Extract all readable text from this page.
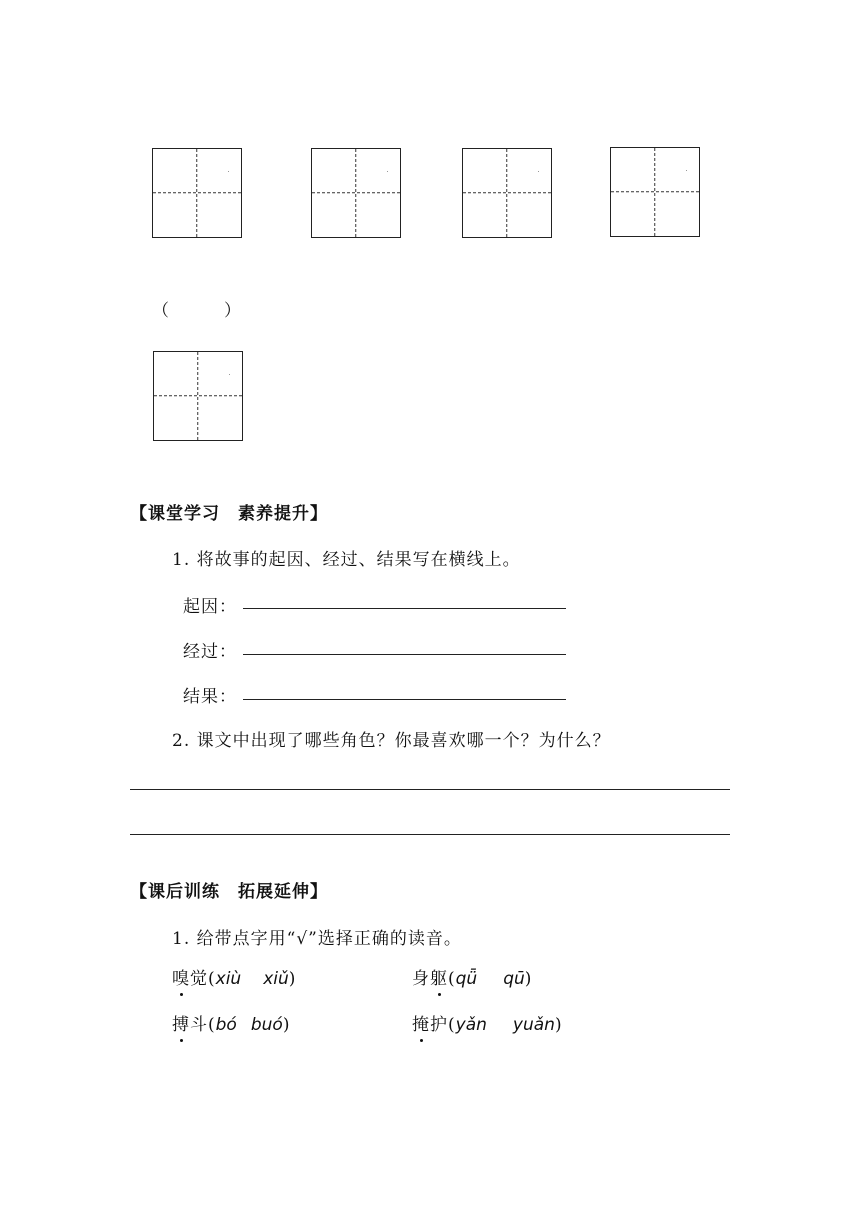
（　　　）
【课堂学习　素养提升】
1. 将故事的起因、经过、结果写在横线上。
起因：
经过：
结果：
2. 课文中出现了哪些角色？你最喜欢哪一个？为什么？
【课后训练　拓展延伸】
1. 给带点字用“√”选择正确的读音。
嗅觉(xiù xiǔ)	身躯(qǖ qū)
搏斗(bó buó)	掩护(yǎn yuǎn)
